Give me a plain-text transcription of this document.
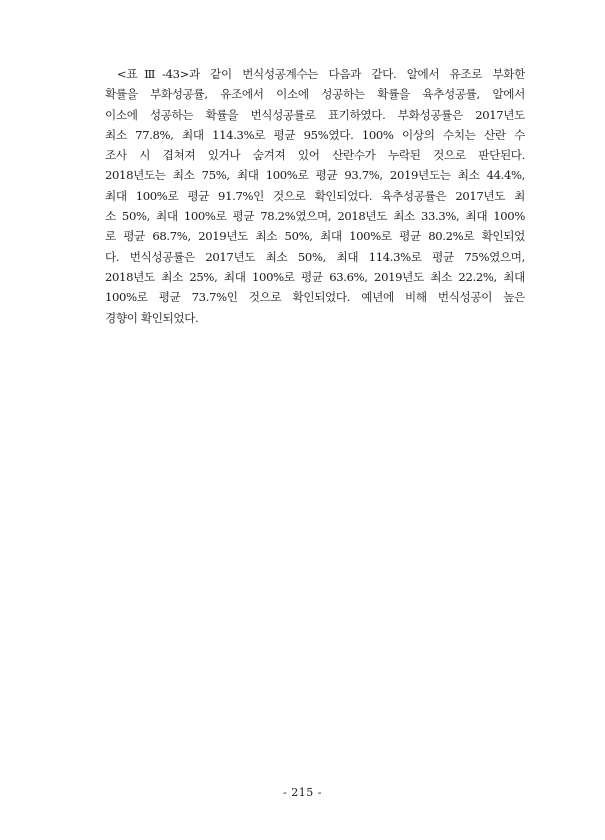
<표Ⅲ-43>과 같이 번식성공계수는 다음과 같다. 알에서 유조로 부화한
확률을 부화성공률, 유조에서 이소에 성공하는 확률을 육추성공률, 알에서
이소에 성공하는 확률을 번식성공률로 표기하였다. 부화성공률은 2017년도
최소 77.8%, 최대 114.3%로 평균 95%였다. 100% 이상의 수치는 산란 수
조사 시 겹쳐져 있거나 숨겨져 있어 산란수가 누락된 것으로 판단된다.
2018년도는 최소 75%, 최대 100%로 평균 93.7%, 2019년도는 최소 44.4%,
최대 100%로 평균 91.7%인 것으로 확인되었다. 육추성공률은 2017년도 최
소 50%, 최대 100%로 평균 78.2%였으며, 2018년도 최소 33.3%, 최대 100%
로 평균 68.7%, 2019년도 최소 50%, 최대 100%로 평균 80.2%로 확인되었
다. 번식성공률은 2017년도 최소 50%, 최대 114.3%로 평균 75%였으며,
2018년도 최소 25%, 최대 100%로 평균 63.6%, 2019년도 최소 22.2%, 최대
100%로 평균 73.7%인 것으로 확인되었다. 예년에 비해 번식성공이 높은
경향이 확인되었다.

- 215 -
